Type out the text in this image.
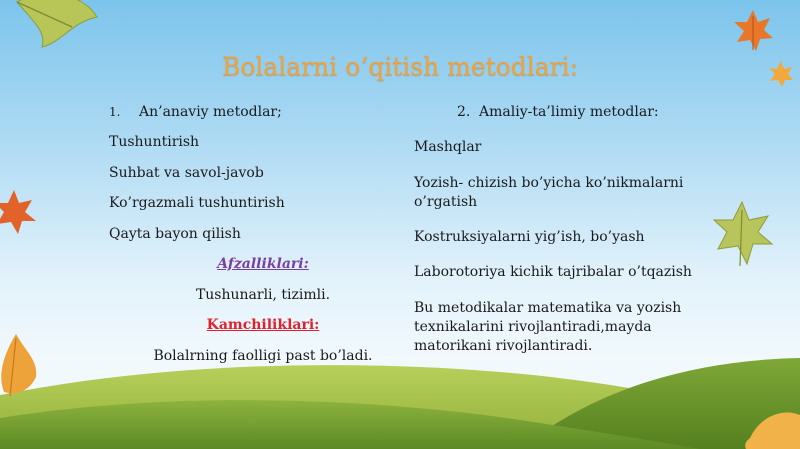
Bolalarni o‘qitish metodlari:

1. An’anaviy metodlar;

Tushuntirish

Suhbat va savol-javob

Ko’rgazmali tushuntirish

Qayta bayon qilish

Afzalliklari:

Tushunarli, tizimli.

Kamchiliklari:

Bolalrning faolligi past bo’ladi.

2. Amaliy-ta’limiy metodlar:

Mashqlar

Yozish- chizish bo’yicha ko’nikmalarni o’rgatish

Kostruksiyalarni yig’ish, bo’yash

Laborotoriya kichik tajribalar o’tqazish

Bu metodikalar matematika va yozish texnikalarini rivojlantiradi,mayda matorikani rivojlantiradi.
